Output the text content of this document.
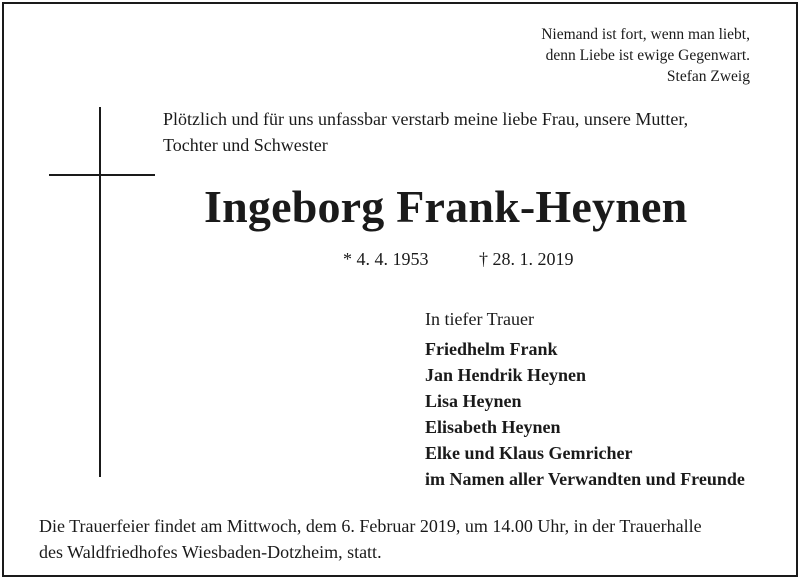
Niemand ist fort, wenn man liebt,
denn Liebe ist ewige Gegenwart.
Stefan Zweig
Plötzlich und für uns unfassbar verstarb meine liebe Frau, unsere Mutter,
Tochter und Schwester
Ingeborg Frank-Heynen
* 4. 4. 1953	† 28. 1. 2019
In tiefer Trauer
Friedhelm Frank
Jan Hendrik Heynen
Lisa Heynen
Elisabeth Heynen
Elke und Klaus Gemricher
im Namen aller Verwandten und Freunde
Die Trauerfeier findet am Mittwoch, dem 6. Februar 2019, um 14.00 Uhr, in der Trauerhalle
des Waldfriedhofes Wiesbaden-Dotzheim, statt.
